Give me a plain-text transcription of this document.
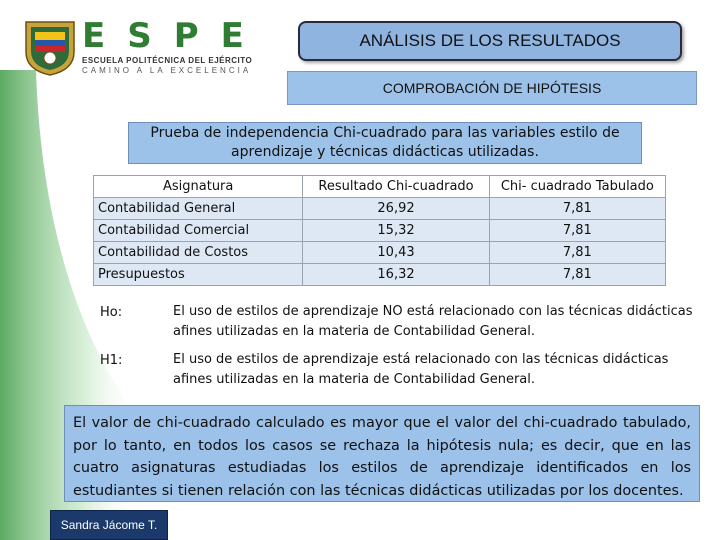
ESPE
ESCUELA POLITÉCNICA DEL EJÉRCITO
CAMINO A LA EXCELENCIA
ANÁLISIS DE LOS RESULTADOS
COMPROBACIÓN DE HIPÓTESIS
Prueba de independencia Chi-cuadrado para las variables estilo de aprendizaje y técnicas didácticas utilizadas.
Asignatura	Resultado Chi-cuadrado	Chi- cuadrado Tabulado
Contabilidad General	26,92	7,81
Contabilidad Comercial	15,32	7,81
Contabilidad de Costos	10,43	7,81
Presupuestos	16,32	7,81
Ho:	El uso de estilos de aprendizaje NO está relacionado con las técnicas didácticas afines utilizadas en la materia de Contabilidad General.
H1:	El uso de estilos de aprendizaje está relacionado con las técnicas didácticas afines utilizadas en la materia de Contabilidad General.
El valor de chi-cuadrado calculado es mayor que el valor del chi-cuadrado tabulado, por lo tanto, en todos los casos se rechaza la hipótesis nula; es decir, que en las cuatro asignaturas estudiadas los estilos de aprendizaje identificados en los estudiantes si tienen relación con las técnicas didácticas utilizadas por los docentes.
Sandra Jácome T.
